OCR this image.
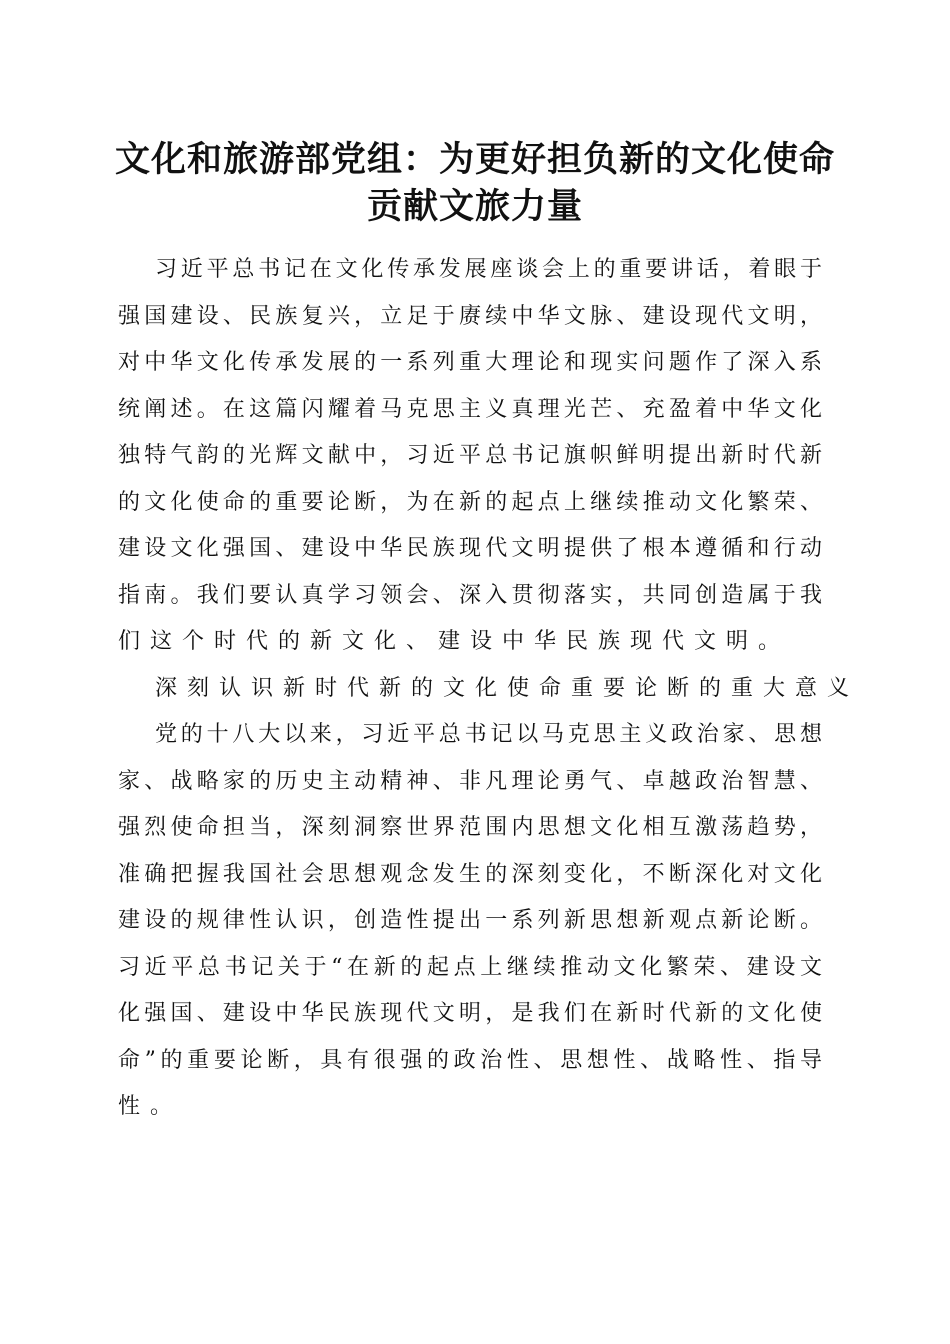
文化和旅游部党组：为更好担负新的文化使命
贡献文旅力量
习近平总书记在文化传承发展座谈会上的重要讲话，着眼于
强国建设、民族复兴，立足于赓续中华文脉、建设现代文明，
对中华文化传承发展的一系列重大理论和现实问题作了深入系
统阐述。在这篇闪耀着马克思主义真理光芒、充盈着中华文化
独特气韵的光辉文献中，习近平总书记旗帜鲜明提出新时代新
的文化使命的重要论断，为在新的起点上继续推动文化繁荣、
建设文化强国、建设中华民族现代文明提供了根本遵循和行动
指南。我们要认真学习领会、深入贯彻落实，共同创造属于我
们这个时代的新文化、建设中华民族现代文明。
深刻认识新时代新的文化使命重要论断的重大意义
党的十八大以来，习近平总书记以马克思主义政治家、思想
家、战略家的历史主动精神、非凡理论勇气、卓越政治智慧、
强烈使命担当，深刻洞察世界范围内思想文化相互激荡趋势，
准确把握我国社会思想观念发生的深刻变化，不断深化对文化
建设的规律性认识，创造性提出一系列新思想新观点新论断。
习近平总书记关于“在新的起点上继续推动文化繁荣、建设文
化强国、建设中华民族现代文明，是我们在新时代新的文化使
命”的重要论断，具有很强的政治性、思想性、战略性、指导
性。
